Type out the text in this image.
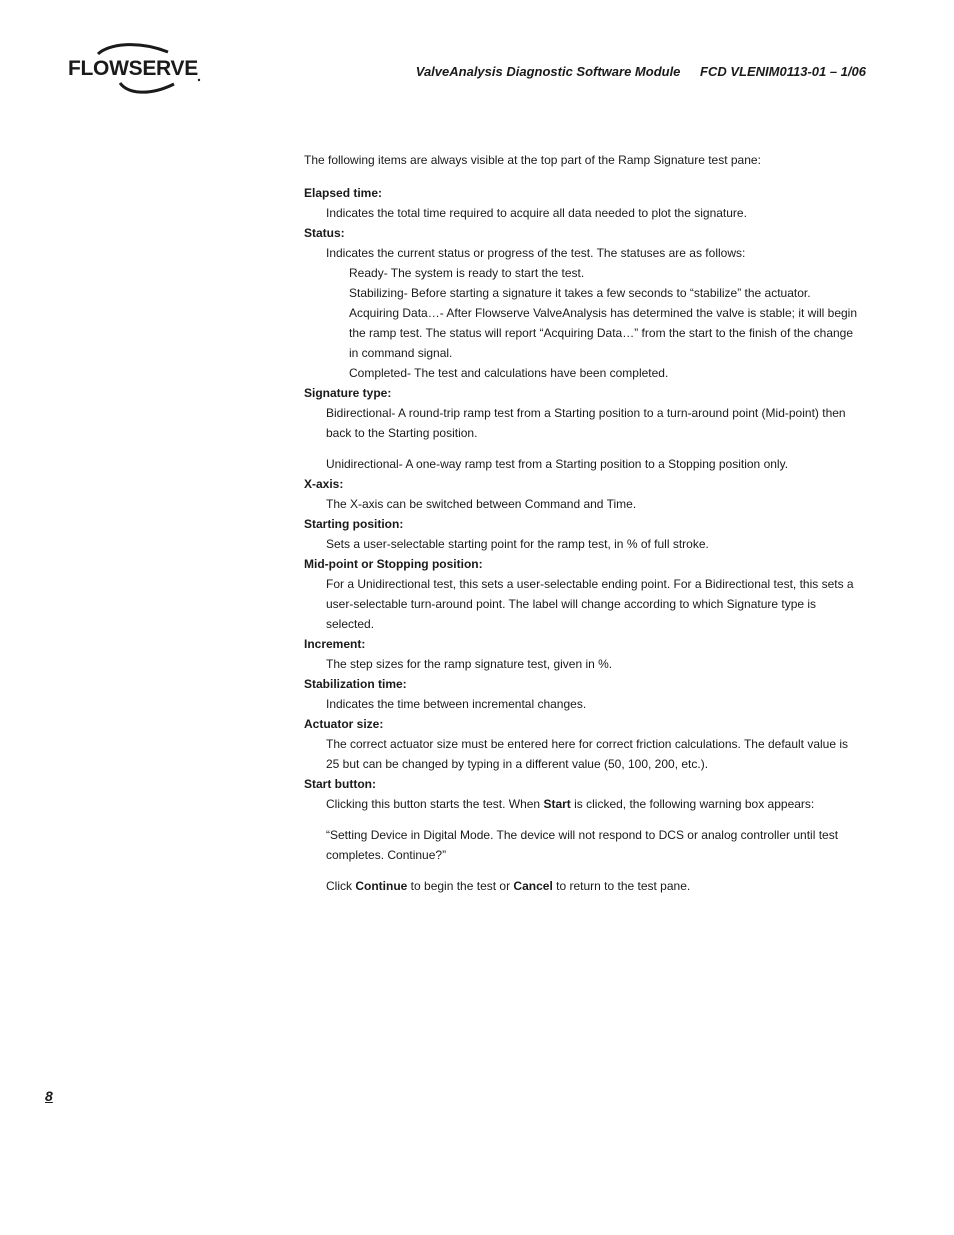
FLOWSERVE	ValveAnalysis Diagnostic Software Module FCD VLENIM0113-01 – 1/06

The following items are always visible at the top part of the Ramp Signature test pane:

Elapsed time:

Indicates the total time required to acquire all data needed to plot the signature.

Status:

Indicates the current status or progress of the test. The statuses are as follows:

Ready- The system is ready to start the test.

Stabilizing- Before starting a signature it takes a few seconds to “stabilize” the actuator.

Acquiring Data…- After Flowserve ValveAnalysis has determined the valve is stable; it will begin the ramp test. The status will report “Acquiring Data…” from the start to the finish of the change in command signal.

Completed- The test and calculations have been completed.

Signature type:

Bidirectional- A round-trip ramp test from a Starting position to a turn-around point (Mid-point) then back to the Starting position.

Unidirectional- A one-way ramp test from a Starting position to a Stopping position only.

X-axis:

The X-axis can be switched between Command and Time.

Starting position:

Sets a user-selectable starting point for the ramp test, in % of full stroke.

Mid-point or Stopping position:

For a Unidirectional test, this sets a user-selectable ending point. For a Bidirectional test, this sets a user-selectable turn-around point. The label will change according to which Signature type is selected.

Increment:

The step sizes for the ramp signature test, given in %.

Stabilization time:

Indicates the time between incremental changes.

Actuator size:

The correct actuator size must be entered here for correct friction calculations. The default value is 25 but can be changed by typing in a different value (50, 100, 200, etc.).

Start button:

Clicking this button starts the test. When Start is clicked, the following warning box appears:

“Setting Device in Digital Mode. The device will not respond to DCS or analog controller until test completes. Continue?”

Click Continue to begin the test or Cancel to return to the test pane.

8
